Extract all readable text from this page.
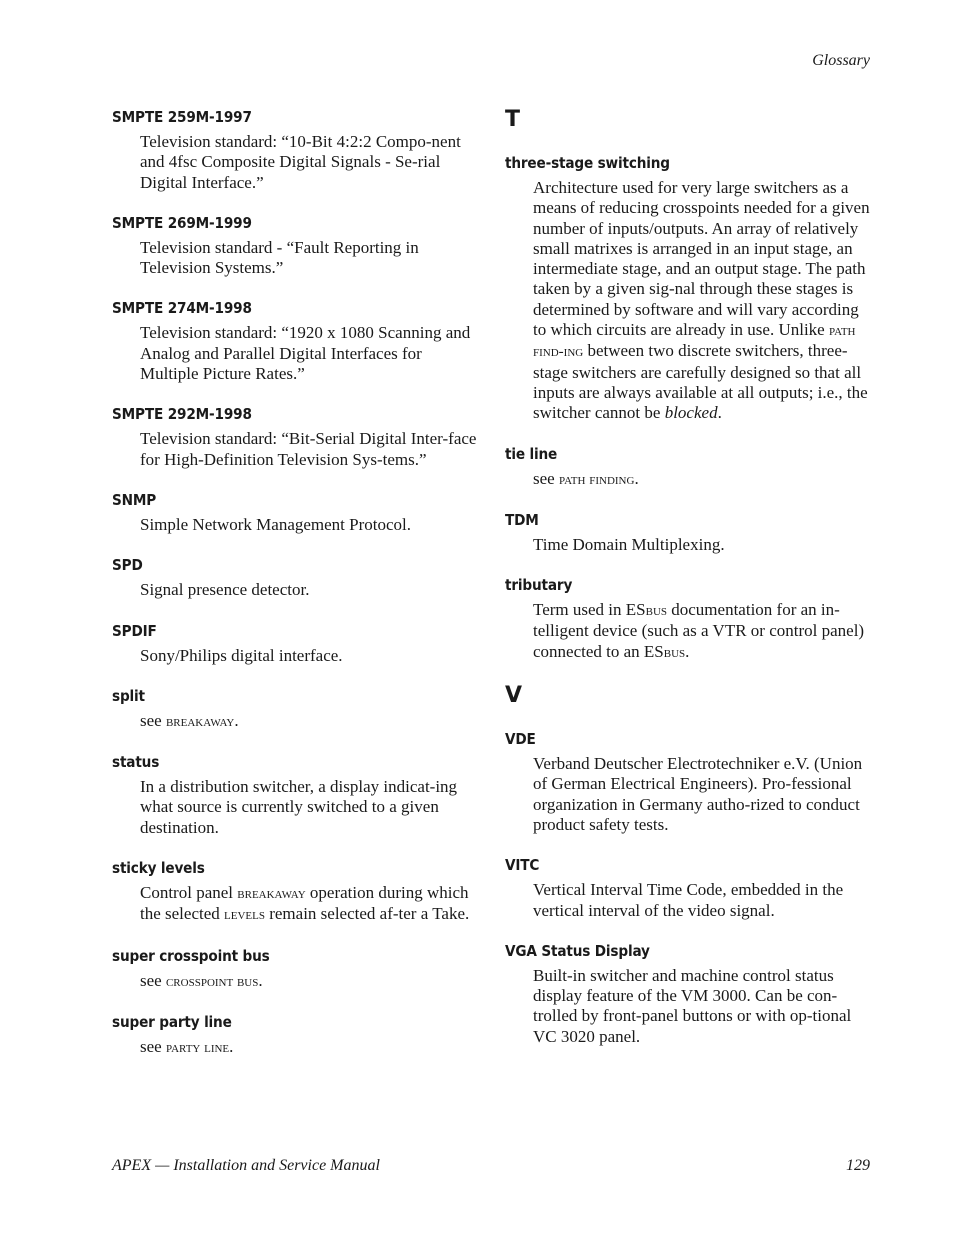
Glossary
SMPTE 259M-1997
Television standard: “10-Bit 4:2:2 Compo-nent and 4fsc Composite Digital Signals - Se-rial Digital Interface.”
SMPTE 269M-1999
Television standard - “Fault Reporting in Television Systems.”
SMPTE 274M-1998
Television standard: “1920 x 1080 Scanning and Analog and Parallel Digital Interfaces for Multiple Picture Rates.”
SMPTE 292M-1998
Television standard: “Bit-Serial Digital Inter-face for High-Definition Television Sys-tems.”
SNMP
Simple Network Management Protocol.
SPD
Signal presence detector.
SPDIF
Sony/Philips digital interface.
split
see breakaway.
status
In a distribution switcher, a display indicat-ing what source is currently switched to a given destination.
sticky levels
Control panel breakaway operation during which the selected levels remain selected af-ter a Take.
super crosspoint bus
see crosspoint bus.
super party line
see party line.
T
three-stage switching
Architecture used for very large switchers as a means of reducing crosspoints needed for a given number of inputs/outputs. An array of relatively small matrixes is arranged in an input stage, an intermediate stage, and an output stage. The path taken by a given sig-nal through these stages is determined by software and will vary according to which circuits are already in use. Unlike path find-ing between two discrete switchers, three-stage switchers are carefully designed so that all inputs are always available at all outputs; i.e., the switcher cannot be blocked.
tie line
see path finding.
TDM
Time Domain Multiplexing.
tributary
Term used in ESbus documentation for an in-telligent device (such as a VTR or control panel) connected to an ESbus.
V
VDE
Verband Deutscher Electrotechniker e.V. (Union of German Electrical Engineers). Pro-fessional organization in Germany autho-rized to conduct product safety tests.
VITC
Vertical Interval Time Code, embedded in the vertical interval of the video signal.
VGA Status Display
Built-in switcher and machine control status display feature of the VM 3000. Can be con-trolled by front-panel buttons or with op-tional VC 3020 panel.
APEX — Installation and Service Manual	129
